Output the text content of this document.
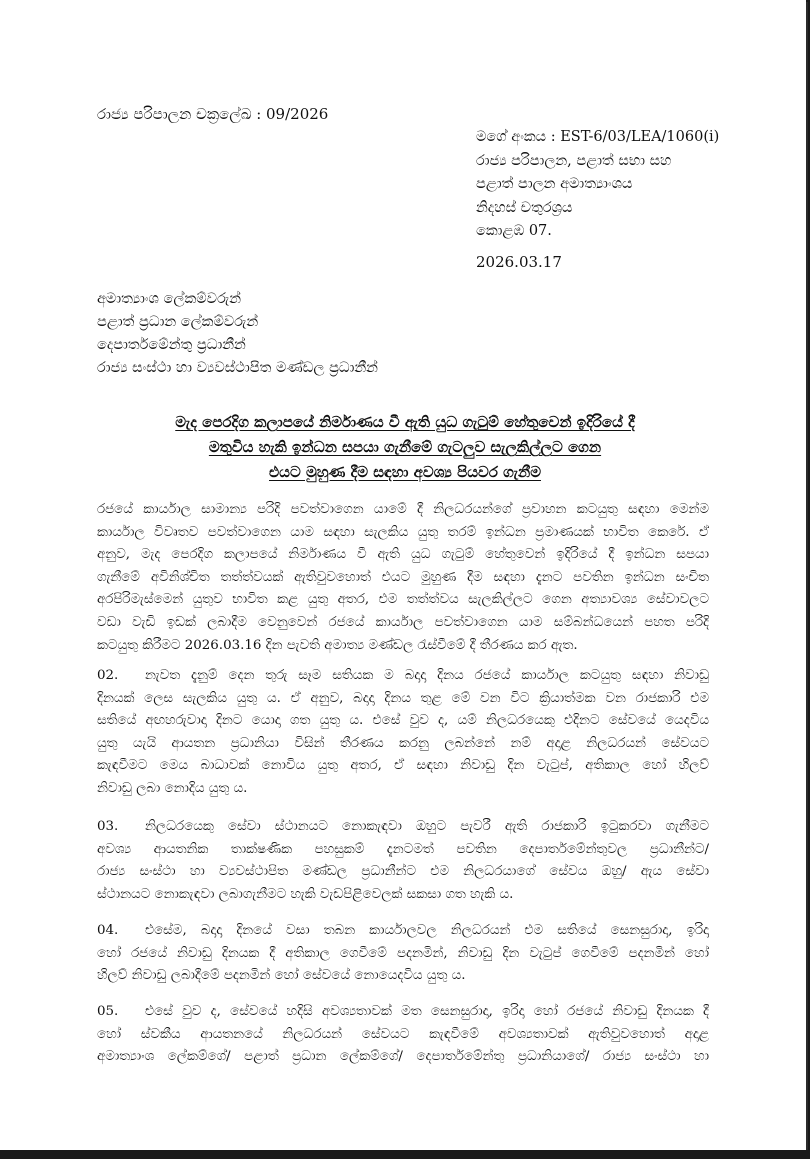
රාජ්‍ය පරිපාලන චක්‍රලේඛ : 09/2026
මගේ අංකය : EST-6/03/LEA/1060(i)
රාජ්‍ය පරිපාලන, පළාත් සභා සහ
පළාත් පාලන අමාත්‍යාංශය
නිදහස් චතුරශ්‍රය
කොළඹ 07.
2026.03.17
අමාත්‍යාංශ ලේකම්වරුන්
පළාත් ප්‍රධාන ලේකම්වරුන්
දෙපාර්තමේන්තු ප්‍රධානීන්
රාජ්‍ය සංස්ථා හා ව්‍යවස්ථාපිත මණ්ඩල ප්‍රධානීන්
මැද පෙරදිග කලාපයේ නිර්මාණය වී ඇති යුධ ගැටුම් හේතුවෙන් ඉදිරියේ දී
මතුවිය හැකි ඉන්ධන සපයා ගැනීමේ ගැටලුව සැලකිල්ලට ගෙන
එයට මුහුණ දීම සඳහා අවශ්‍ය පියවර ගැනීම
රජයේ කාර්යාල සාමාන්‍ය පරිදි පවත්වාගෙන යාමේ දී නිලධරයන්ගේ ප්‍රවාහන කටයුතු සඳහා මෙන්ම
කාර්යාල විවෘතව පවත්වාගෙන යාම සඳහා සැලකිය යුතු තරම් ඉන්ධන ප්‍රමාණයක් භාවිත කෙරේ. ඒ
අනුව, මැද පෙරදිග කලාපයේ නිර්මාණය වී ඇති යුධ ගැටුම් හේතුවෙන් ඉදිරියේ දී ඉන්ධන සපයා
ගැනීමේ අවිනිශ්චිත තත්ත්වයක් ඇතිවුවහොත් එයට මුහුණ දීම සඳහා දැනට පවතින ඉන්ධන සංචිත
අරපිරිමැස්මෙන් යුතුව භාවිත කළ යුතු අතර, එම තත්ත්වය සැලකිල්ලට ගෙන අත්‍යාවශ්‍ය සේවාවලට
වඩා වැඩි ඉඩක් ලබාදීම වෙනුවෙන් රජයේ කාර්යාල පවත්වාගෙන යාම සම්බන්ධයෙන් පහත පරිදි
කටයුතු කිරීමට 2026.03.16 දින පැවති අමාත්‍ය මණ්ඩල රැස්වීමේ දී තීරණය කර ඇත.
02. නැවත දැනුම් දෙන තුරු සෑම සතියක ම බදාදා දිනය රජයේ කාර්යාල කටයුතු සඳහා නිවාඩු
දිනයක් ලෙස සැලකිය යුතු ය. ඒ අනුව, බදාදා දිනය තුළ මේ වන විට ක්‍රියාත්මක වන රාජකාරි එම
සතියේ අඟහරුවාදා දිනට යොදා ගත යුතු ය. එසේ වුව ද, යම් නිලධරයෙකු එදිනට සේවයේ යෙදවිය
යුතු යැයි ආයතන ප්‍රධානියා විසින් තීරණය කරනු ලබන්නේ නම් අදාළ නිලධරයන් සේවයට
කැඳවීමට මෙය බාධාවක් නොවිය යුතු අතර, ඒ සඳහා නිවාඩු දින වැටුප්, අතිකාල හෝ හිලව්
නිවාඩු ලබා නොදිය යුතු ය.
03. නිලධරයෙකු සේවා ස්ථානයට නොකැඳවා ඔහුට පැවරී ඇති රාජකාරි ඉටුකරවා ගැනීමට
අවශ්‍ය ආයතනික තාක්ෂණික පහසුකම් දැනටමත් පවතින දෙපාර්තමේන්තුවල ප්‍රධානීන්ට/
රාජ්‍ය සංස්ථා හා ව්‍යවස්ථාපිත මණ්ඩල ප්‍රධානීන්ට එම නිලධරයාගේ සේවය ඔහු/ ඇය සේවා
ස්ථානයට නොකැඳවා ලබාගැනීමට හැකි වැඩපිළිවෙලක් සකසා ගත හැකි ය.
04. එසේම, බදාදා දිනයේ වසා තබන කාර්යාලවල නිලධරයන් එම සතියේ සෙනසුරාදා, ඉරිදා
හෝ රජයේ නිවාඩු දිනයක දී අතිකාල ගෙවීමේ පදනමින්, නිවාඩු දින වැටුප් ගෙවීමේ පදනමින් හෝ
හිලව් නිවාඩු ලබාදීමේ පදනමින් හෝ සේවයේ නොයෙදවිය යුතු ය.
05. එසේ වුව ද, සේවයේ හදිසි අවශ්‍යතාවක් මත සෙනසුරාදා, ඉරිදා හෝ රජයේ නිවාඩු දිනයක දී
හෝ ස්වකීය ආයතනයේ නිලධරයන් සේවයට කැඳවීමේ අවශ්‍යතාවක් ඇතිවුවහොත් අදාළ
අමාත්‍යාංශ ලේකම්ගේ/ පළාත් ප්‍රධාන ලේකම්ගේ/ දෙපාර්තමේන්තු ප්‍රධානියාගේ/ රාජ්‍ය සංස්ථා හා
